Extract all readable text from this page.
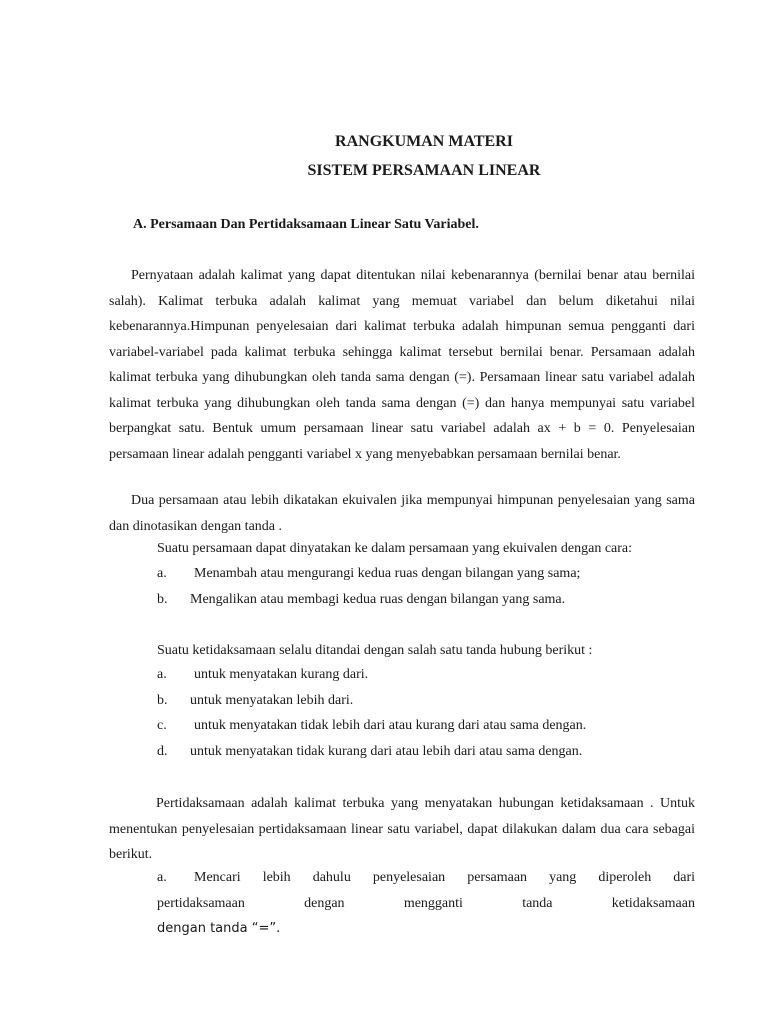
RANGKUMAN MATERI
SISTEM PERSAMAAN LINEAR
A. Persamaan Dan Pertidaksamaan Linear Satu Variabel.

Pernyataan adalah kalimat yang dapat ditentukan nilai kebenarannya (bernilai benar atau bernilai salah). Kalimat terbuka adalah kalimat yang memuat variabel dan belum diketahui nilai kebenarannya.Himpunan penyelesaian dari kalimat terbuka adalah himpunan semua pengganti dari variabel-variabel pada kalimat terbuka sehingga kalimat tersebut bernilai benar. Persamaan adalah kalimat terbuka yang dihubungkan oleh tanda sama dengan (=). Persamaan linear satu variabel adalah kalimat terbuka yang dihubungkan oleh tanda sama dengan (=) dan hanya mempunyai satu variabel berpangkat satu. Bentuk umum persamaan linear satu variabel adalah ax + b = 0. Penyelesaian persamaan linear adalah pengganti variabel x yang menyebabkan persamaan bernilai benar.

Dua persamaan atau lebih dikatakan ekuivalen jika mempunyai himpunan penyelesaian yang sama dan dinotasikan dengan tanda .

Suatu persamaan dapat dinyatakan ke dalam persamaan yang ekuivalen dengan cara:
a. Menambah atau mengurangi kedua ruas dengan bilangan yang sama;
b. Mengalikan atau membagi kedua ruas dengan bilangan yang sama.
Suatu ketidaksamaan selalu ditandai dengan salah satu tanda hubung berikut :
a. untuk menyatakan kurang dari.
b. untuk menyatakan lebih dari.
c. untuk menyatakan tidak lebih dari atau kurang dari atau sama dengan.
d. untuk menyatakan tidak kurang dari atau lebih dari atau sama dengan.

Pertidaksamaan adalah kalimat terbuka yang menyatakan hubungan ketidaksamaan . Untuk menentukan penyelesaian pertidaksamaan linear satu variabel, dapat dilakukan dalam dua cara sebagai berikut.

a. Mencari lebih dahulu penyelesaian persamaan yang diperoleh dari
pertidaksamaan	dengan	mengganti	tanda	ketidaksamaan
dengan tanda “=”.
